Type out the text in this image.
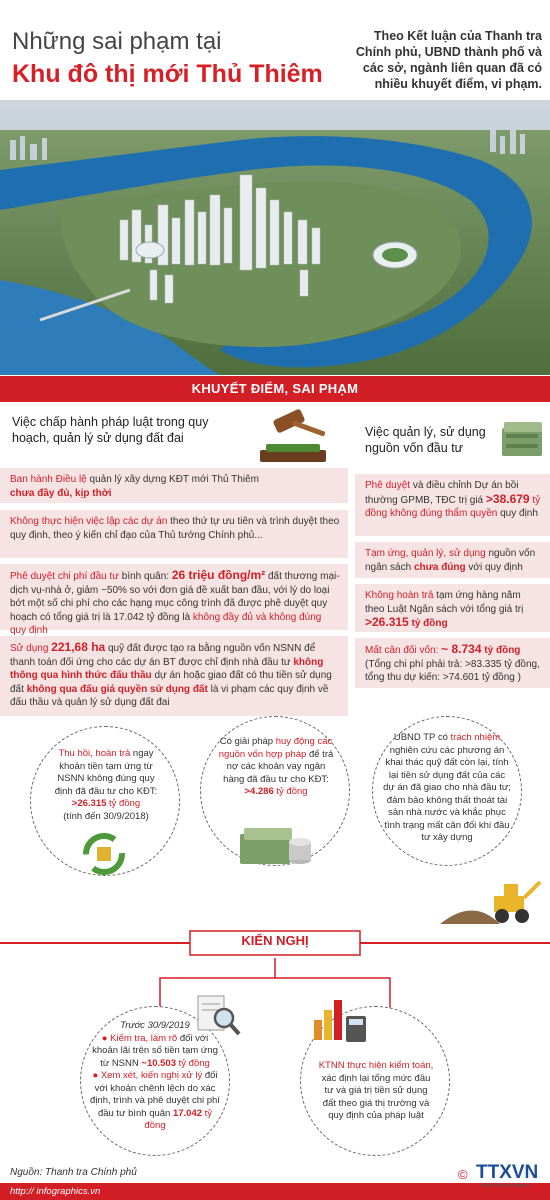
Những sai phạm tại
Khu đô thị mới Thủ Thiêm
Theo Kết luận của Thanh tra Chính phủ, UBND thành phố và các sở, ngành liên quan đã có nhiều khuyết điểm, vi phạm.
KHUYẾT ĐIỂM, SAI PHẠM
Việc chấp hành pháp luật trong quy hoạch, quản lý sử dụng đất đai	Việc quản lý, sử dụng nguồn vốn đầu tư
Ban hành Điều lệ quản lý xây dựng KĐT mới Thủ Thiêm
chưa đầy đủ, kịp thời
Không thực hiện việc lập các dự án theo thứ tự ưu tiên và trình duyệt theo quy định, theo ý kiến chỉ đạo của Thủ tướng Chính phủ...
Phê duyệt chi phí đầu tư bình quân: 26 triệu đồng/m² đất thương mại-dịch vụ-nhà ở, giảm ~50% so với đơn giá đề xuất ban đầu, với lý do loại bớt một số chi phí cho các hạng mục công trình đã được phê duyệt quy hoạch có tổng giá trị là 17.042 tỷ đồng là không đầy đủ và không đúng quy định
Sử dụng 221,68 ha quỹ đất được tạo ra bằng nguồn vốn NSNN để thanh toán đối ứng cho các dự án BT được chỉ định nhà đầu tư không thông qua hình thức đấu thầu dự án hoặc giao đất có thu tiền sử dụng đất không qua đấu giá quyền sử dụng đất là vi phạm các quy định về đấu thầu và quản lý sử dụng đất đai
Phê duyệt và điều chỉnh Dự án bồi thường GPMB, TĐC trị giá >38.679 tỷ đồng không đúng thẩm quyền quy định
Tạm ứng, quản lý, sử dụng nguồn vốn ngân sách chưa đúng với quy định
Không hoàn trả tạm ứng hàng năm theo Luật Ngân sách với tổng giá trị >26.315 tỷ đồng
Mất cân đối vốn: ~ 8.734 tỷ đồng
(Tổng chi phí phải trả: >83.335 tỷ đồng, tổng thu dự kiến: >74.601 tỷ đồng )
Thu hồi, hoàn trả ngay khoản tiền tạm ứng từ NSNN không đúng quy định đã đầu tư cho KĐT:
>26.315 tỷ đồng
(tính đến 30/9/2018)
Có giải pháp huy động các nguồn vốn hợp pháp để trả nợ các khoản vay ngân hàng đã đầu tư cho KĐT:
>4.286 tỷ đồng
UBND TP có trách nhiệm nghiên cứu các phương án khai thác quỹ đất còn lại, tính lại tiền sử dụng đất của các dự án đã giao cho nhà đầu tư; đảm bảo không thất thoát tài sản nhà nước và khắc phục tình trạng mất cân đối khi đầu tư xây dựng
KIẾN NGHỊ
Trước 30/9/2019
● Kiểm tra, làm rõ đối với khoản lãi trên số tiền tạm ứng từ NSNN ~10.503 tỷ đồng
● Xem xét, kiến nghị xử lý đối với khoản chênh lệch do xác định, trình và phê duyệt chi phí đầu tư bình quân 17.042 tỷ đồng
KTNN thực hiện kiểm toán, xác định lại tổng mức đầu tư và giá trị tiền sử dụng đất theo giá thị trường và quy định của pháp luật
Nguồn: Thanh tra Chính phủ
http:// infographics.vn
© TTXVN
Vietnam News Agency
